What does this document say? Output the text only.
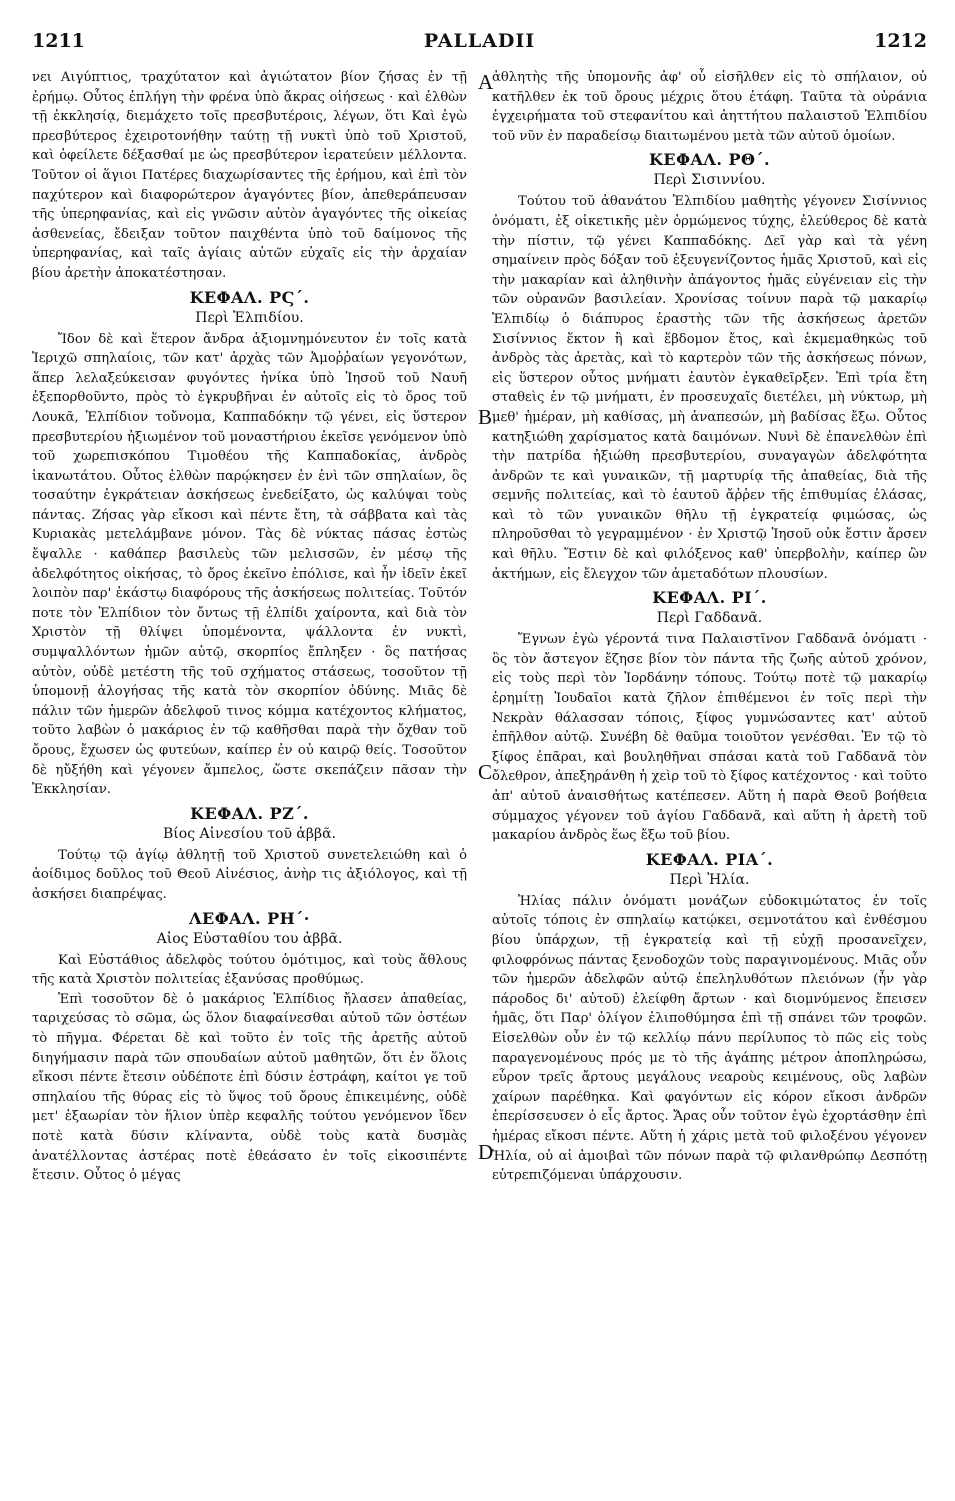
1211	PALLADII	1212

νει Αιγύπτιος, τραχύτατον καὶ ἀγιώτατον βίον ζήσας ἐν τῇ ἐρήμῳ. Οὗτος ἐπλήγη τὴν φρένα ὑπὸ ἄκρας οἰήσεως · καὶ ἐλθὼν τῇ ἐκκλησίᾳ, διεμάχετο τοῖς πρεσβυτέροις, λέγων, ὅτι Καὶ ἐγὼ πρεσβύτερος ἐχειροτονήθην ταύτῃ τῇ νυκτὶ ὑπὸ τοῦ Χριστοῦ, καὶ ὀφείλετε δέξασθαί με ὡς πρεσβύτερον ἱερατεύειν μέλλοντα. Τοῦτον οἱ ἅγιοι Πατέρες διαχωρίσαντες τῆς ἐρήμου, καὶ ἐπὶ τὸν παχύτερον καὶ διαφορώτερον ἀγαγόντες βίον, ἀπεθεράπευσαν τῆς ὑπερηφανίας, καὶ εἰς γνῶσιν αὐτὸν ἀγαγόντες τῆς οἰκείας ἀσθενείας, ἔδειξαν τοῦτον παιχθέντα ὑπὸ τοῦ δαίμονος τῆς ὑπερηφανίας, καὶ ταῖς ἁγίαις αὐτῶν εὐχαῖς εἰς τὴν ἀρχαίαν βίου ἀρετὴν ἀποκατέστησαν.

ΚΕΦΑΛ. ΡϚ΄.
Περὶ Ἐλπιδίου.

Ἴδον δὲ καὶ ἕτερον ἄνδρα ἀξιομνημόνευτον ἐν τοῖς κατὰ Ἱεριχῶ σπηλαίοις, τῶν κατ' ἀρχὰς τῶν Ἀμοῤῥαίων γεγονότων, ἅπερ λελαξεύκεισαν φυγόντες ἡνίκα ὑπὸ Ἰησοῦ τοῦ Ναυῆ ἐξεπορθοῦντο, πρὸς τὸ ἐγκρυβῆναι ἐν αὐτοῖς εἰς τὸ ὄρος τοῦ Λουκᾶ, Ἐλπίδιον τοὔνομα, Καππαδόκην τῷ γένει, εἰς ὕστερον πρεσβυτερίου ἠξιωμένον τοῦ μοναστήριου ἐκεῖσε γενόμενον ὑπὸ τοῦ χωρεπισκόπου Τιμοθέου τῆς Καππαδοκίας, ἀνδρὸς ἱκανωτάτου. Οὗτος ἐλθὼν παρῴκησεν ἐν ἑνὶ τῶν σπηλαίων, ὃς τοσαύτην ἐγκράτειαν ἀσκήσεως ἐνεδείξατο, ὡς καλύψαι τοὺς πάντας. Ζήσας γὰρ εἴκοσι καὶ πέντε ἔτη, τὰ σάββατα καὶ τὰς Κυριακὰς μετελάμβανε μόνον. Τὰς δὲ νύκτας πάσας ἑστὼς ἔψαλλε · καθάπερ βασιλεὺς τῶν μελισσῶν, ἐν μέσῳ τῆς ἀδελφότητος οἰκήσας, τὸ ὄρος ἐκεῖνο ἐπόλισε, καὶ ἦν ἰδεῖν ἐκεῖ λοιπὸν παρ' ἑκάστῳ διαφόρους τῆς ἀσκήσεως πολιτείας. Τοῦτόν ποτε τὸν Ἐλπίδιον τὸν ὄντως τῇ ἐλπίδι χαίροντα, καὶ διὰ τὸν Χριστὸν τῇ θλίψει ὑπομένοντα, ψάλλοντα ἐν νυκτὶ, συμψαλλόντων ἡμῶν αὐτῷ, σκορπίος ἔπληξεν · ὃς πατήσας αὐτὸν, οὐδὲ μετέστη τῆς τοῦ σχήματος στάσεως, τοσοῦτον τῇ ὑπομονῇ ἀλογήσας τῆς κατὰ τὸν σκορπίον ὀδύνης. Μιᾶς δὲ πάλιν τῶν ἡμερῶν ἀδελφοῦ τινος κόμμα κατέχοντος κλήματος, τοῦτο λαβὼν ὁ μακάριος ἐν τῷ καθῆσθαι παρὰ τὴν ὄχθαν τοῦ ὄρους, ἔχωσεν ὡς φυτεύων, καίπερ ἐν οὐ καιρῷ θείς. Τοσοῦτον δὲ ηὔξήθη καὶ γέγονεν ἄμπελος, ὥστε σκεπάζειν πᾶσαν τὴν Ἐκκλησίαν.

ΚΕΦΑΛ. ΡΖ΄.
Βίος Αἰνεσίου τοῦ ἀββᾶ.

Τούτῳ τῷ ἁγίῳ ἀθλητῇ τοῦ Χριστοῦ συνετελειώθη καὶ ὁ ἀοίδιμος δοῦλος τοῦ Θεοῦ Αἰνέσιος, ἀνὴρ τις ἀξιόλογος, καὶ τῇ ἀσκήσει διαπρέψας.

ΛΕΦΑΛ. ΡΗ΄·
Αἰος Εὐσταθίου του ἀββᾶ.

Καὶ Εὐστάθιος ἀδελφὸς τούτου ὁμότιμος, καὶ τοὺς ἄθλους τῆς κατὰ Χριστὸν πολιτείας ἐξανύσας προθύμως.

Ἐπὶ τοσοῦτον δὲ ὁ μακάριος Ἐλπίδιος ἤλασεν ἀπαθείας, ταριχεύσας τὸ σῶμα, ὡς ὅλον διαφαίνεσθαι αὐτοῦ τῶν ὀστέων τὸ πῆγμα. Φέρεται δὲ καὶ τοῦτο ἐν τοῖς τῆς ἀρετῆς αὐτοῦ διηγήμασιν παρὰ τῶν σπουδαίων αὐτοῦ μαθητῶν, ὅτι ἐν ὅλοις εἴκοσι πέντε ἔτεσιν οὐδέποτε ἐπὶ δύσιν ἐστράφη, καίτοι γε τοῦ σπηλαίου τῆς θύρας εἰς τὸ ὕψος τοῦ ὄρους ἐπικειμένης, οὐδὲ μετ' ἑξαωρίαν τὸν ἥλιον ὑπὲρ κεφαλῆς τούτου γενόμενον ἴδεν ποτὲ κατὰ δύσιν κλίναντα, οὐδὲ τοὺς κατὰ δυσμὰς ἀνατέλλοντας ἀστέρας ποτὲ ἐθεάσατο ἐν τοῖς εἰκοσιπέντε ἔτεσιν. Οὗτος ὁ μέγας

ἀθλητὴς τῆς ὑπομονῆς ἀφ' οὗ εἰσῆλθεν εἰς τὸ σπήλαιον, οὐ κατῆλθεν ἐκ τοῦ ὄρους μέχρις ὅτου ἐτάφη. Ταῦτα τὰ οὐράνια ἐγχειρήματα τοῦ στεφανίτου καὶ ἀηττήτου παλαιστοῦ Ἐλπιδίου τοῦ νῦν ἐν παραδείσῳ διαιτωμένου μετὰ τῶν αὐτοῦ ὁμοίων.

ΚΕΦΑΛ. ΡΘ΄.
Περὶ Σισιννίου.

Τούτου τοῦ ἀθανάτου Ἐλπιδίου μαθητὴς γέγονεν Σισίννιος ὀνόματι, ἐξ οἰκετικῆς μὲν ὁρμώμενος τύχης, ἐλεύθερος δὲ κατὰ τὴν πίστιν, τῷ γένει Καππαδόκης. Δεῖ γὰρ καὶ τὰ γένη σημαίνειν πρὸς δόξαν τοῦ ἐξευγενίζοντος ἡμᾶς Χριστοῦ, καὶ εἰς τὴν μακαρίαν καὶ ἀληθινὴν ἀπάγοντος ἡμᾶς εὐγένειαν εἰς τὴν τῶν οὐρανῶν βασιλείαν. Χρονίσας τοίνυν παρὰ τῷ μακαρίῳ Ἐλπιδίῳ ὁ διάπυρος ἐραστὴς τῶν τῆς ἀσκήσεως ἀρετῶν Σισίννιος ἕκτον ἢ καὶ ἕβδομον ἔτος, καὶ ἐκμεμαθηκὼς τοῦ ἀνδρὸς τὰς ἀρετὰς, καὶ τὸ καρτερὸν τῶν τῆς ἀσκήσεως πόνων, εἰς ὕστερον οὗτος μνήματι ἑαυτὸν ἐγκαθεῖρξεν. Ἐπὶ τρία ἔτη σταθεὶς ἐν τῷ μνήματι, ἐν προσευχαῖς διετέλει, μὴ νύκτωρ, μὴ μεθ' ἡμέραν, μὴ καθίσας, μὴ ἀναπεσών, μὴ βαδίσας ἔξω. Οὗτος κατηξιώθη χαρίσματος κατὰ δαιμόνων. Νυνὶ δὲ ἐπανελθὼν ἐπὶ τὴν πατρίδα ἠξιώθη πρεσβυτερίου, συναγαγὼν ἀδελφότητα ἀνδρῶν τε καὶ γυναικῶν, τῇ μαρτυρίᾳ τῆς ἀπαθείας, διὰ τῆς σεμνῆς πολιτείας, καὶ τὸ ἑαυτοῦ ἄῤῥεν τῆς ἐπιθυμίας ἐλάσας, καὶ τὸ τῶν γυναικῶν θῆλυ τῇ ἐγκρατείᾳ φιμώσας, ὡς πληροῦσθαι τὸ γεγραμμένον · ἐν Χριστῷ Ἰησοῦ οὐκ ἔστιν ἄρσεν καὶ θῆλυ. Ἔστιν δὲ καὶ φιλόξενος καθ' ὑπερβολὴν, καίπερ ὢν ἀκτήμων, εἰς ἔλεγχον τῶν ἀμεταδότων πλουσίων.

ΚΕΦΑΛ. ΡΙ΄.
Περὶ Γαδδανᾶ.

Ἔγνων ἐγὼ γέροντά τινα Παλαιστῖνον Γαδδανᾶ ὀνόματι · ὃς τὸν ἄστεγον ἔζησε βίον τὸν πάντα τῆς ζωῆς αὐτοῦ χρόνον, εἰς τοὺς περὶ τὸν Ἰορδάνην τόπους. Τούτῳ ποτὲ τῷ μακαρίῳ ἐρημίτῃ Ἰουδαῖοι κατὰ ζῆλον ἐπιθέμενοι ἐν τοῖς περὶ τὴν Νεκρὰν θάλασσαν τόποις, ξίφος γυμνώσαντες κατ' αὐτοῦ ἐπῆλθον αὐτῷ. Συνέβη δὲ θαῦμα τοιοῦτον γενέσθαι. Ἐν τῷ τὸ ξίφος ἐπᾶραι, καὶ βουληθῆναι σπάσαι κατὰ τοῦ Γαδδανᾶ τὸν ὄλεθρον, ἀπεξηράνθη ἡ χεὶρ τοῦ τὸ ξίφος κατέχοντος · καὶ τοῦτο ἀπ' αὐτοῦ ἀναισθήτως κατέπεσεν. Αὕτη ἡ παρὰ Θεοῦ βοήθεια σύμμαχος γέγονεν τοῦ ἁγίου Γαδδανᾶ, καὶ αὕτη ἡ ἀρετὴ τοῦ μακαρίου ἀνδρὸς ἕως ἔξω τοῦ βίου.

ΚΕΦΑΛ. ΡΙΑ΄.
Περὶ Ἠλία.

Ἠλίας πάλιν ὀνόματι μονάζων εὐδοκιμώτατος ἐν τοῖς αὐτοῖς τόποις ἐν σπηλαίῳ κατῴκει, σεμνοτάτου καὶ ἐνθέσμου βίου ὑπάρχων, τῇ ἐγκρατείᾳ καὶ τῇ εὐχῇ προσανεῖχεν, φιλοφρόνως πάντας ξενοδοχῶν τοὺς παραγινομένους. Μιᾶς οὖν τῶν ἡμερῶν ἀδελφῶν αὐτῷ ἐπεληλυθότων πλειόνων (ἦν γὰρ πάροδος δι' αὐτοῦ) ἐλείφθη ἄρτων · καὶ διομνύμενος ἔπεισεν ἡμᾶς, ὅτι Παρ' ὀλίγον ἐλιποθύμησα ἐπὶ τῇ σπάνει τῶν τροφῶν. Εἰσελθὼν οὖν ἐν τῷ κελλίῳ πάνυ περίλυπος τὸ πῶς εἰς τοὺς παραγενομένους πρός με τὸ τῆς ἀγάπης μέτρον ἀποπληρώσω, εὗρον τρεῖς ἄρτους μεγάλους νεαροὺς κειμένους, οὓς λαβὼν χαίρων παρέθηκα. Καὶ φαγόντων εἰς κόρον εἴκοσι ἀνδρῶν ἐπερίσσευσεν ὁ εἷς ἄρτος. Ἄρας οὖν τοῦτον ἐγὼ ἐχορτάσθην ἐπὶ ἡμέρας εἴκοσι πέντε. Αὕτη ἡ χάρις μετὰ τοῦ φιλοξένου γέγονεν Ἠλία, οὐ αἱ ἀμοιβαὶ τῶν πόνων παρὰ τῷ φιλανθρώπῳ Δεσπότῃ εὐτρεπιζόμεναι ὑπάρχουσιν.

A
B
C
D
